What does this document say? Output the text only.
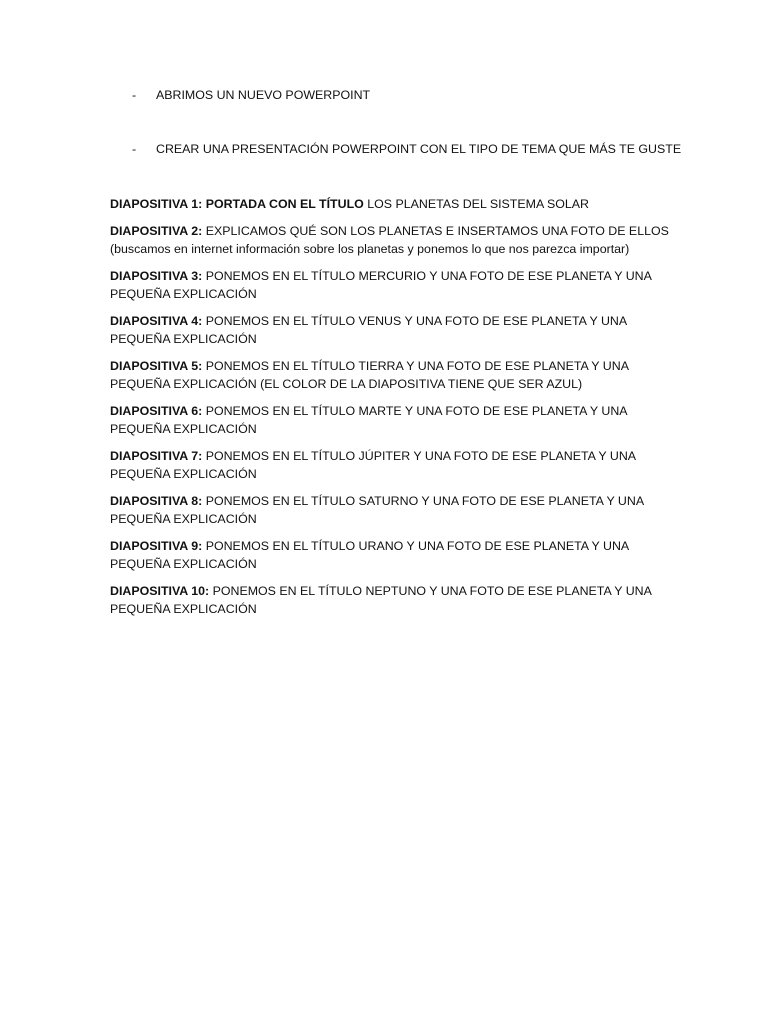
- ABRIMOS UN NUEVO POWERPOINT
- CREAR UNA PRESENTACIÓN POWERPOINT CON EL TIPO DE TEMA QUE MÁS TE GUSTE

DIAPOSITIVA 1: PORTADA CON EL TÍTULO LOS PLANETAS DEL SISTEMA SOLAR

DIAPOSITIVA 2: EXPLICAMOS QUÉ SON LOS PLANETAS E INSERTAMOS UNA FOTO DE ELLOS (buscamos en internet información sobre los planetas y ponemos lo que nos parezca importar)

DIAPOSITIVA 3: PONEMOS EN EL TÍTULO MERCURIO Y UNA FOTO DE ESE PLANETA Y UNA PEQUEÑA EXPLICACIÓN

DIAPOSITIVA 4: PONEMOS EN EL TÍTULO VENUS Y UNA FOTO DE ESE PLANETA Y UNA PEQUEÑA EXPLICACIÓN

DIAPOSITIVA 5: PONEMOS EN EL TÍTULO TIERRA Y UNA FOTO DE ESE PLANETA Y UNA PEQUEÑA EXPLICACIÓN (EL COLOR DE LA DIAPOSITIVA TIENE QUE SER AZUL)

DIAPOSITIVA 6: PONEMOS EN EL TÍTULO MARTE Y UNA FOTO DE ESE PLANETA Y UNA PEQUEÑA EXPLICACIÓN

DIAPOSITIVA 7: PONEMOS EN EL TÍTULO JÚPITER Y UNA FOTO DE ESE PLANETA Y UNA PEQUEÑA EXPLICACIÓN

DIAPOSITIVA 8: PONEMOS EN EL TÍTULO SATURNO Y UNA FOTO DE ESE PLANETA Y UNA PEQUEÑA EXPLICACIÓN

DIAPOSITIVA 9: PONEMOS EN EL TÍTULO URANO Y UNA FOTO DE ESE PLANETA Y UNA PEQUEÑA EXPLICACIÓN

DIAPOSITIVA 10: PONEMOS EN EL TÍTULO NEPTUNO Y UNA FOTO DE ESE PLANETA Y UNA PEQUEÑA EXPLICACIÓN
